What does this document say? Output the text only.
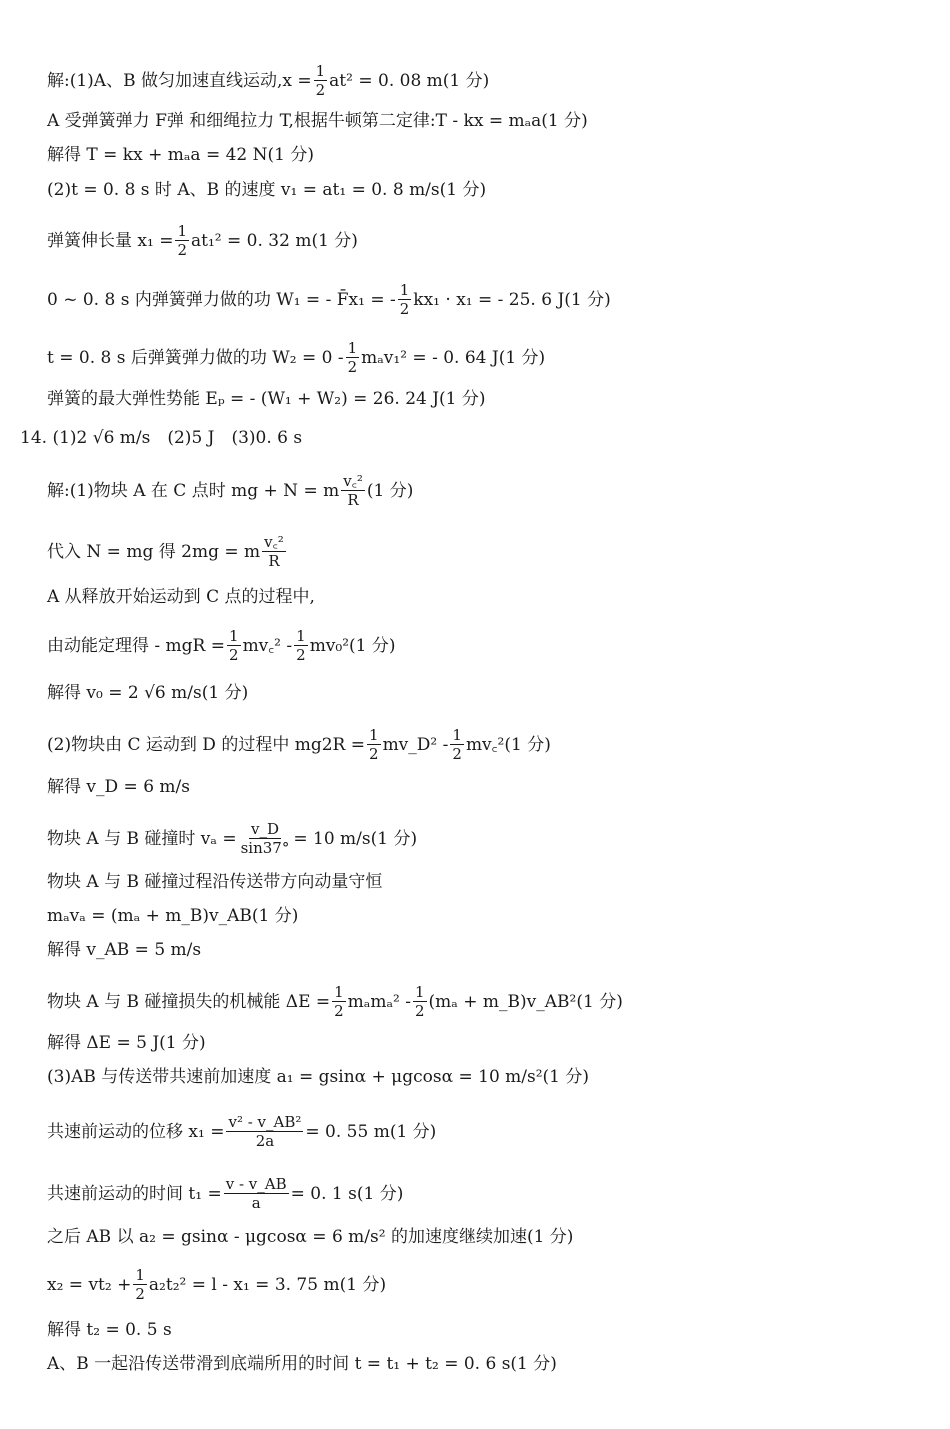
解:(1)A、B 做匀加速直线运动$,x = \frac{1}{2} at^2 = 0$. 08 m(1 分)
A 受弹簧弹力 F弹 和细绳拉力 T,根据牛顿第二定律:T - kx = mₐa(1 分)
解得 T = kx + mₐa = 42 N(1 分)
(2)t = 0. 8 s 时 A、B 的速度 v₁ = at₁ = 0. 8 m/s(1 分)
弹簧伸长量 $x_1 = \frac{1}{2} at_1^2 = 0$. 32 m(1 分)
0 ~ 0. 8 s 内弹簧弹力做的功 W₁ = - F̄x₁ = - $\frac{1}{2} kx_1 \cdot x_1$ = - 25. 6 J(1 分)
t = 0. 8 s 后弹簧弹力做的功 $W_2 = 0 - \frac{1}{2} m_av_1^2$ = - 0. 64 J(1 分)
弹簧的最大弹性势能 Eₚ = - (W₁ + W₂) = 26. 24 J(1 分)
14. (1)2 √6 m/s　(2)5 J　(3)0. 6 s
解:(1)物块 A 在 C 点时 mg + N = m $\frac{\text{v꜀²}}{R} (1$ 分)
代入 N = mg 得 2mg = m $\frac{\text{v꜀²}}{R}$
A 从释放开始运动到 C 点的过程中,
由动能定理得 - mgR = $\frac{1}{2}$ mv꜀² - $\frac{1}{2} mv_0^2(1$ 分)
解得 v₀ = 2 √6 m/s(1 分)
(2)物块由 C 运动到 D 的过程中 $mg2R = \frac{1}{2}$ mv_D² - $\frac{1}{2}$ mv꜀²(1 分)
解得 v_D = 6 m/s
物块 A 与 B 碰撞时 $v_a = \frac{v\_D}{\sin 37^\circ} = 10$ m/s(1 分)
物块 A 与 B 碰撞过程沿传送带方向动量守恒
mₐvₐ = (mₐ + m_B)v_AB(1 分)
解得 v_AB = 5 m/s
物块 A 与 B 碰撞损失的机械能 $\Delta E = \frac{1}{2} m_am_a^2 - \frac{1}{2} (m_a$ + m_B)v_AB²(1 分)
解得 ΔE = 5 J(1 分)
(3)AB 与传送带共速前加速度 a₁ = gsinα + μgcosα = 10 m/s²(1 分)
共速前运动的位移 $x_1 = \frac{\text{v² - v\_AB²}}{2a} = 0$. 55 m(1 分)
共速前运动的时间 $t_1 = \frac{v - v\_AB}{a} = 0$. 1 s(1 分)
之后 AB 以 a₂ = gsinα - μgcosα = 6 m/s² 的加速度继续加速(1 分)
$x_2 = vt_2 + \frac{1}{2} a_2t_2^2 = l - x_1 = 3$. 75 m(1 分)
解得 t₂ = 0. 5 s
A、B 一起沿传送带滑到底端所用的时间 t = t₁ + t₂ = 0. 6 s(1 分)
